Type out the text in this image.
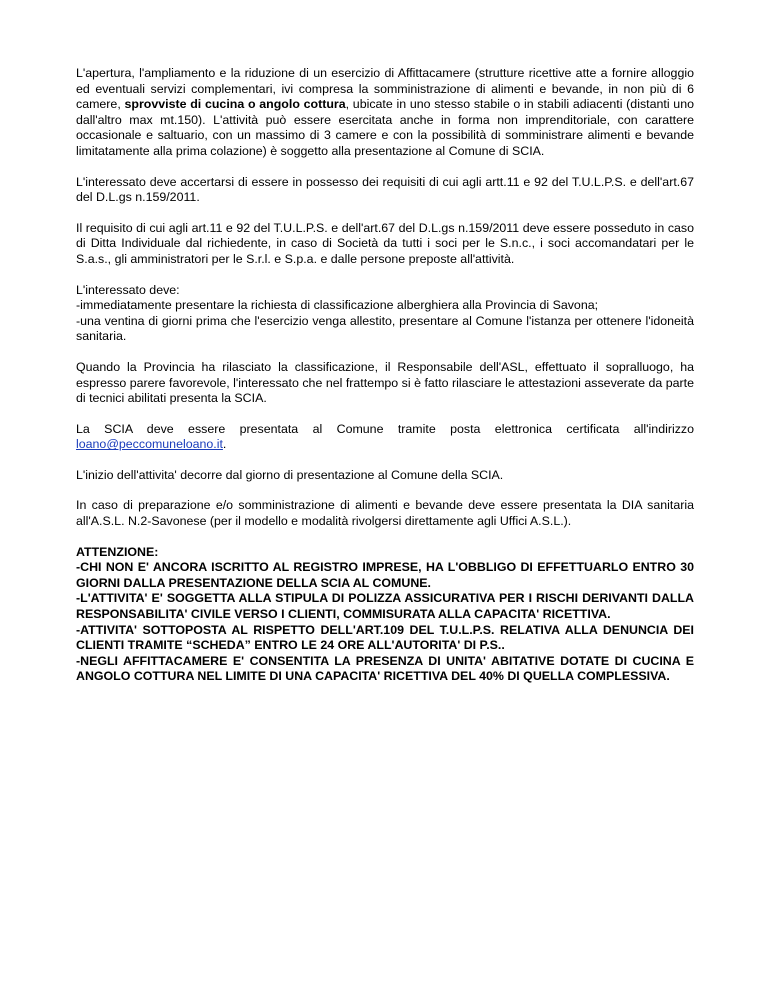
L'apertura, l'ampliamento e la riduzione di un esercizio di Affittacamere (strutture ricettive atte a fornire alloggio ed eventuali servizi complementari, ivi compresa la somministrazione di alimenti e bevande, in non più di 6 camere, sprovviste di cucina o angolo cottura, ubicate in uno stesso stabile o in stabili adiacenti (distanti uno dall'altro max mt.150). L'attività può essere esercitata anche in forma non imprenditoriale, con carattere occasionale e saltuario, con un massimo di 3 camere e con la possibilità di somministrare alimenti e bevande limitatamente alla prima colazione) è soggetto alla presentazione al Comune di SCIA.

L'interessato deve accertarsi di essere in possesso dei requisiti di cui agli artt.11 e 92 del T.U.L.P.S. e dell'art.67 del D.L.gs n.159/2011.

Il requisito di cui agli art.11 e 92 del T.U.L.P.S. e dell'art.67 del D.L.gs n.159/2011 deve essere posseduto in caso di Ditta Individuale dal richiedente, in caso di Società da tutti i soci per le S.n.c., i soci accomandatari per le S.a.s., gli amministratori per le S.r.l. e S.p.a. e dalle persone preposte all'attività.

L'interessato deve:
-immediatamente presentare la richiesta di classificazione alberghiera alla Provincia di Savona;
-una ventina di giorni prima che l'esercizio venga allestito, presentare al Comune l'istanza per ottenere l'idoneità sanitaria.

Quando la Provincia ha rilasciato la classificazione, il Responsabile dell'ASL, effettuato il sopralluogo, ha espresso parere favorevole, l'interessato che nel frattempo si è fatto rilasciare le attestazioni asseverate da parte di tecnici abilitati presenta la SCIA.

La SCIA deve essere presentata al Comune tramite posta elettronica certificata all'indirizzo loano@peccomuneloano.it.

L'inizio dell'attivita' decorre dal giorno di presentazione al Comune della SCIA.

In caso di preparazione e/o somministrazione di alimenti e bevande deve essere presentata la DIA sanitaria all'A.S.L. N.2-Savonese (per il modello e modalità rivolgersi direttamente agli Uffici A.S.L.).

ATTENZIONE:
-CHI NON E' ANCORA ISCRITTO AL REGISTRO IMPRESE, HA L'OBBLIGO DI EFFETTUARLO ENTRO 30 GIORNI DALLA PRESENTAZIONE DELLA SCIA AL COMUNE.
-L'ATTIVITA' E' SOGGETTA ALLA STIPULA DI POLIZZA ASSICURATIVA PER I RISCHI DERIVANTI DALLA RESPONSABILITA' CIVILE VERSO I CLIENTI, COMMISURATA ALLA CAPACITA' RICETTIVA.
-ATTIVITA' SOTTOPOSTA AL RISPETTO DELL'ART.109 DEL T.U.L.P.S. RELATIVA ALLA DENUNCIA DEI CLIENTI TRAMITE “SCHEDA” ENTRO LE 24 ORE ALL'AUTORITA' DI P.S..
-NEGLI AFFITTACAMERE E' CONSENTITA LA PRESENZA DI UNITA' ABITATIVE DOTATE DI CUCINA E ANGOLO COTTURA NEL LIMITE DI UNA CAPACITA' RICETTIVA DEL 40% DI QUELLA COMPLESSIVA.
